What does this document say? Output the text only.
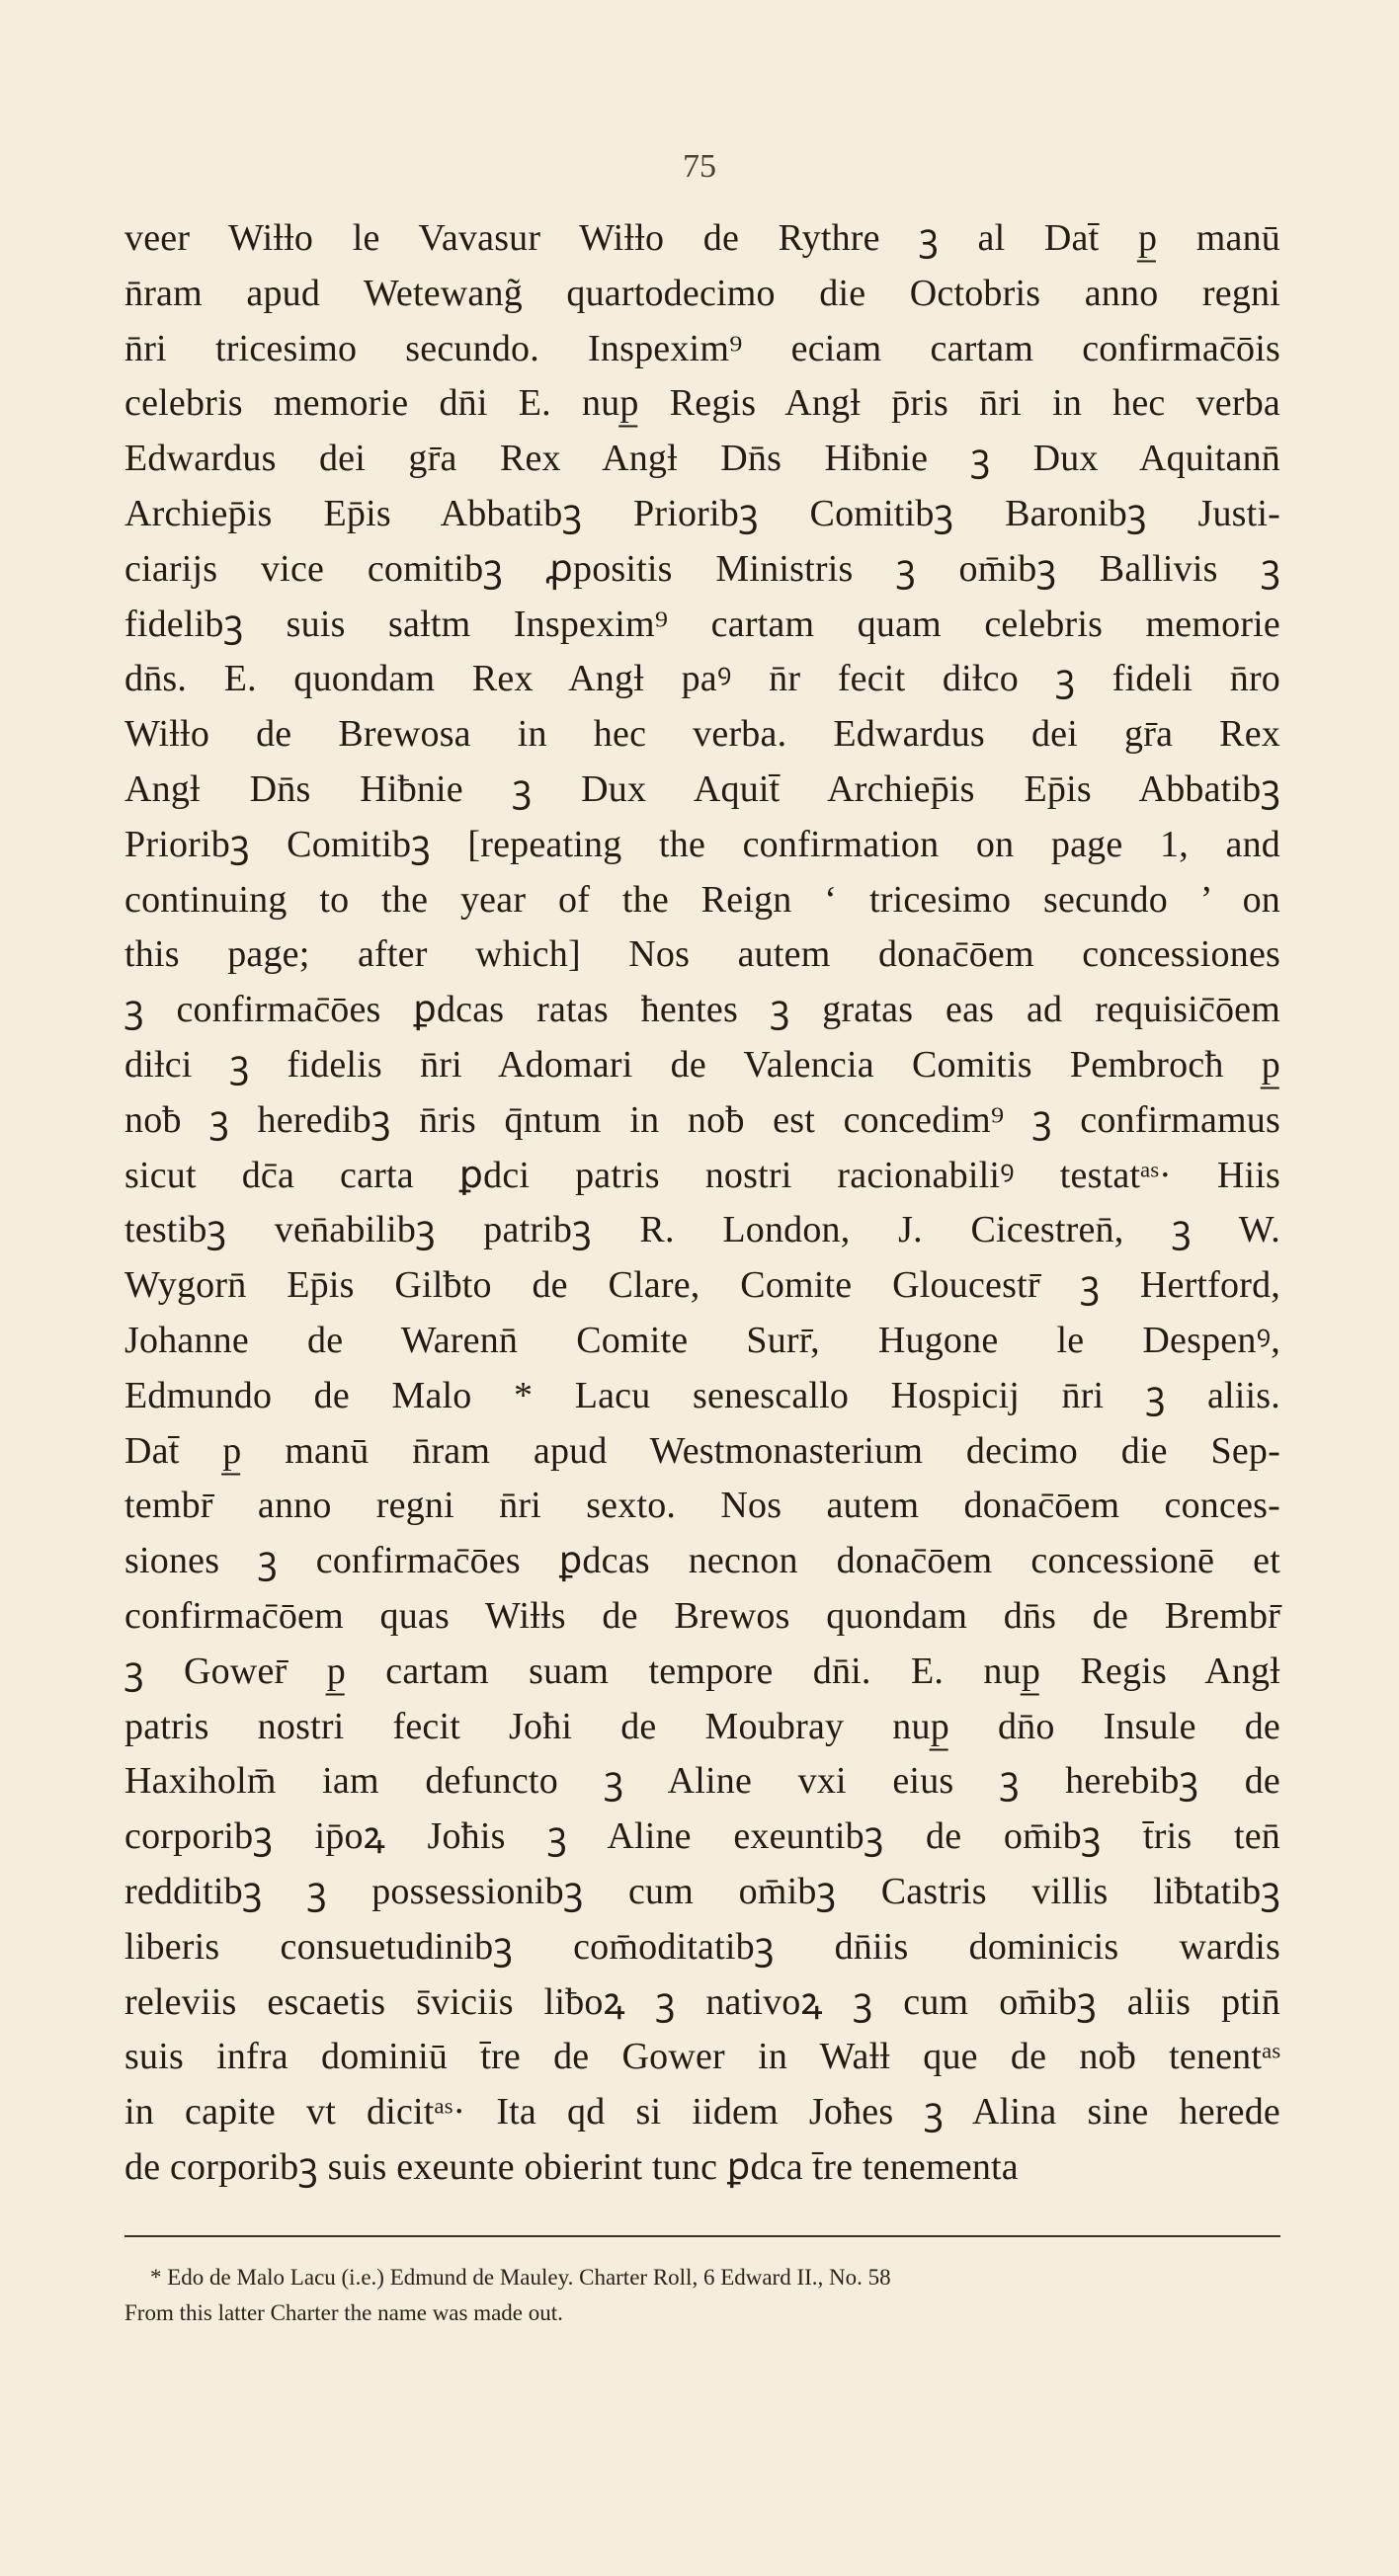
75
veer Wiƚƚo le Vavasur Wiƚƚo de Rythre ꝫ al Dat̄ p̲ manū
n̄ram apud Wetewang̃ quartodecimo die Octobris anno regni
n̄ri tricesimo secundo. Inspexim⁹ eciam cartam confirmac̄ōis
celebris memorie dn̄i E. nup̲ Regis Angƚ p̄ris n̄ri in hec verba
Edwardus dei gr̄a Rex Angƚ Dn̄s Hiƀnie ꝫ Dux Aquitann̄
Archiep̄is Ep̄is Abbatibꝫ Prioribꝫ Comitibꝫ Baronibꝫ Justi-
ciarijs vice comitibꝫ ꝓpositis Ministris ꝫ om̄ibꝫ Ballivis ꝫ
fidelibꝫ suis saƚtm Inspexim⁹ cartam quam celebris memorie
dn̄s. E. quondam Rex Angƚ paꝰ n̄r fecit diƚco ꝫ fideli n̄ro
Wiƚƚo de Brewosa in hec verba. Edwardus dei gr̄a Rex
Angƚ Dn̄s Hiƀnie ꝫ Dux Aquit̄ Archiep̄is Ep̄is Abbatibꝫ
Prioribꝫ Comitibꝫ [repeating the confirmation on page 1, and
continuing to the year of the Reign ‘ tricesimo secundo ’ on
this page; after which] Nos autem donac̄ōem concessiones
ꝫ confirmac̄ōes ꝑdcas ratas ħentes ꝫ gratas eas ad requisic̄ōem
diƚci ꝫ fidelis n̄ri Adomari de Valencia Comitis Pembrocħ p̲
noƀ ꝫ heredibꝫ n̄ris q̄ntum in noƀ est concedim⁹ ꝫ confirmamus
sicut dc̄a carta ꝑdci patris nostri racionabiliꝰ testatᵃˢ· Hiis
testibꝫ ven̄abilibꝫ patribꝫ R. London, J. Cicestren̄, ꝫ W.
Wygorn̄ Ep̄is Gilƀto de Clare, Comite Gloucestr̄ ꝫ Hertford,
Johanne de Warenn̄ Comite Surr̄, Hugone le Despenꝰ,
Edmundo de Malo * Lacu senescallo Hospicij n̄ri ꝫ aliis.
Dat̄ p̲ manū n̄ram apud Westmonasterium decimo die Sep-
tembr̄ anno regni n̄ri sexto. Nos autem donac̄ōem conces-
siones ꝫ confirmac̄ōes ꝑdcas necnon donac̄ōem concessionē et
confirmac̄ōem quas Wiƚƚs de Brewos quondam dn̄s de Brembr̄
ꝫ Gower̄ p̲ cartam suam tempore dn̄i. E. nup̲ Regis Angƚ
patris nostri fecit Joħi de Moubray nup̲ dn̄o Insule de
Haxiholm̄ iam defuncto ꝫ Aline vxi eius ꝫ herebibꝫ de
corporibꝫ ip̄oꝝ Joħis ꝫ Aline exeuntibꝫ de om̄ibꝫ t̄ris ten̄
redditibꝫ ꝫ possessionibꝫ cum om̄ibꝫ Castris villis liƀtatibꝫ
liberis consuetudinibꝫ com̄oditatibꝫ dn̄iis dominicis wardis
releviis escaetis s̄viciis liƀoꝝ ꝫ nativoꝝ ꝫ cum om̄ibꝫ aliis ptin̄
suis infra dominiū t̄re de Gower in Waƚƚ que de noƀ tenentᵃˢ
in capite vt dicitᵃˢ· Ita qd si iidem Joħes ꝫ Alina sine herede
de corporibꝫ suis exeunte obierint tunc ꝑdca t̄re tenementa
* Edo de Malo Lacu (i.e.) Edmund de Mauley. Charter Roll, 6 Edward II., No. 58
From this latter Charter the name was made out.
